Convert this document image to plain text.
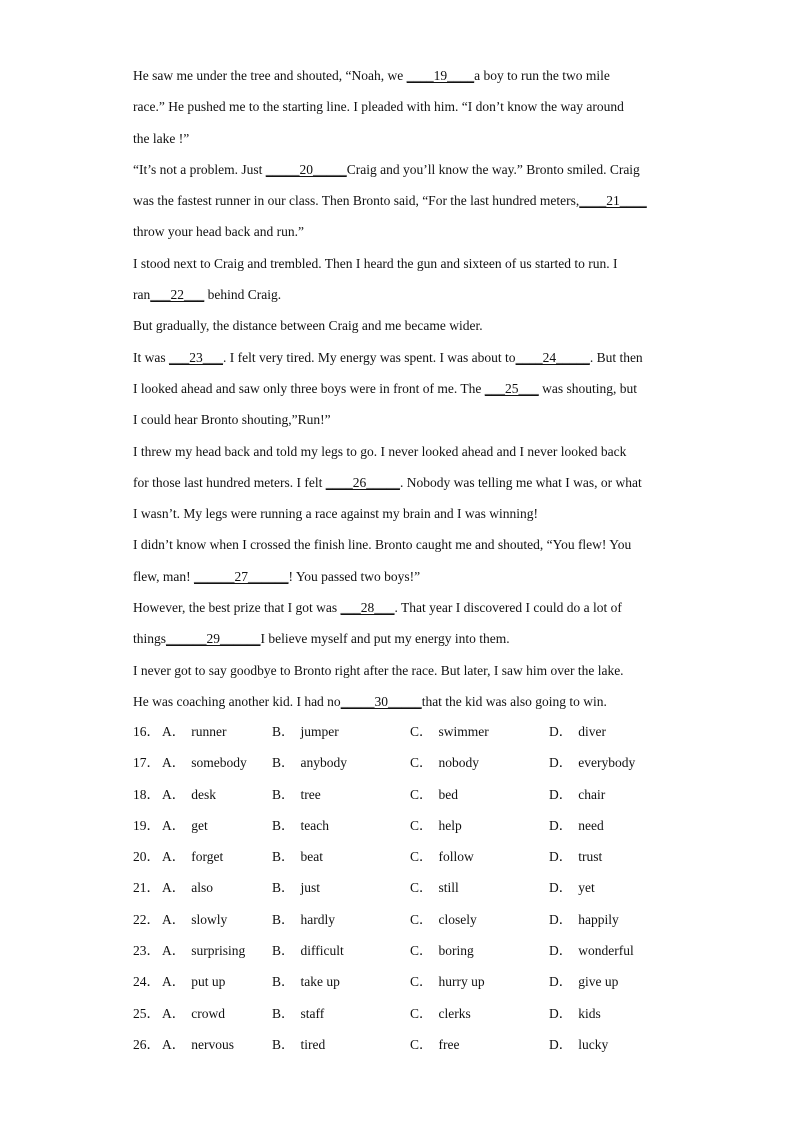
He saw me under the tree and shouted, “Noah, we ____19____a boy to run the two mile
race.” He pushed me to the starting line. I pleaded with him. “I don’t know the way around
the lake !”
“It’s not a problem. Just _____20_____Craig and you’ll know the way.” Bronto smiled. Craig
was the fastest runner in our class. Then Bronto said, “For the last hundred meters,____21____
throw your head back and run.”
I stood next to Craig and trembled. Then I heard the gun and sixteen of us started to run. I
ran___22___ behind Craig.
But gradually, the distance between Craig and me became wider.
It was ___23___. I felt very tired. My energy was spent. I was about to____24_____. But then
I looked ahead and saw only three boys were in front of me. The ___25___ was shouting, but
I could hear Bronto shouting,”Run!”
I threw my head back and told my legs to go. I never looked ahead and I never looked back
for those last hundred meters. I felt ____26_____. Nobody was telling me what I was, or what
I wasn’t. My legs were running a race against my brain and I was winning!
I didn’t know when I crossed the finish line. Bronto caught me and shouted, “You flew! You
flew, man! ______27______! You passed two boys!”
However, the best prize that I got was ___28___. That year I discovered I could do a lot of
things______29______I believe myself and put my energy into them.
I never got to say goodbye to Bronto right after the race. But later, I saw him over the lake.
He was coaching another kid. I had no_____30_____that the kid was also going to win.
16． A． runner	B． jumper	C． swimmer	D． diver
17． A． somebody B． anybody	C． nobody	D． everybody
18． A． desk	B． tree	C． bed	D． chair
19． A． get	B． teach	C． help	D． need
20． A． forget	B． beat	C． follow	D． trust
21． A． also	B． just	C． still	D． yet
22． A． slowly	B． hardly	C． closely	D． happily
23． A． surprising B． difficult	C． boring	D． wonderful
24． A． put up	B． take up	C． hurry up	D． give up
25． A． crowd	B． staff	C． clerks	D． kids
26． A． nervous	B． tired	C． free	D． lucky
